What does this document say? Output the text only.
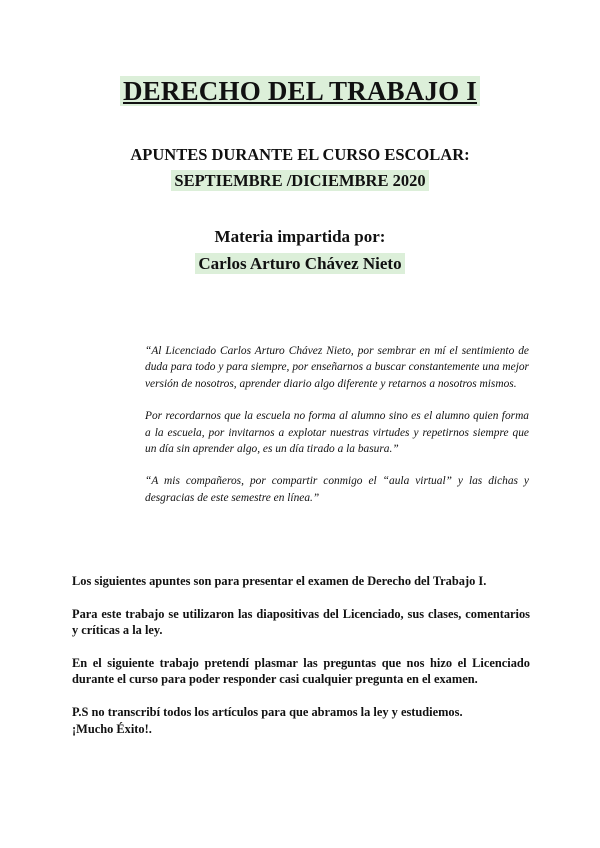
DERECHO DEL TRABAJO I
APUNTES DURANTE EL CURSO ESCOLAR:
SEPTIEMBRE /DICIEMBRE 2020
Materia impartida por:
Carlos Arturo Chávez Nieto

“Al Licenciado Carlos Arturo Chávez Nieto, por sembrar en mí el sentimiento de duda para todo y para siempre, por enseñarnos a buscar constantemente una mejor versión de nosotros, aprender diario algo diferente y retarnos a nosotros mismos.

Por recordarnos que la escuela no forma al alumno sino es el alumno quien forma a la escuela, por invitarnos a explotar nuestras virtudes y repetirnos siempre que un día sin aprender algo, es un día tirado a la basura.”

“A mis compañeros, por compartir conmigo el “aula virtual” y las dichas y desgracias de este semestre en línea.”

Los siguientes apuntes son para presentar el examen de Derecho del Trabajo I.

Para este trabajo se utilizaron las diapositivas del Licenciado, sus clases, comentarios y críticas a la ley.

En el siguiente trabajo pretendí plasmar las preguntas que nos hizo el Licenciado durante el curso para poder responder casi cualquier pregunta en el examen.

P.S no transcribí todos los artículos para que abramos la ley y estudiemos.

¡Mucho Éxito!.
